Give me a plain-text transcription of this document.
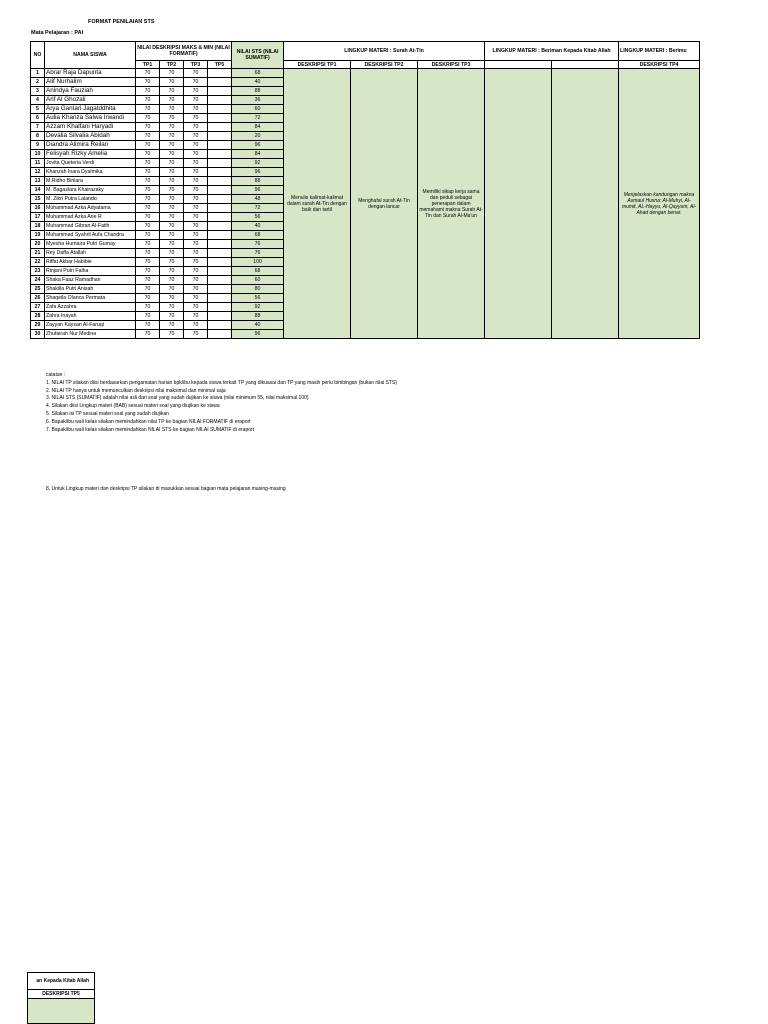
FORMAT PENILAIAN STS
Mata Pelajaran : PAI
NO	NAMA SISWA	NILAI DESKRIPSI MAKS & MIN (NILAI FORMATIF)				NILAI STS (NILAI SUMATIF)	LINGKUP MATERI : Surah At-Tin			LINGKUP MATERI : Beriman Kepada Kitab Allah		LINGKUP MATERI : Berimu
		TP1	TP2	TP3	TP5		DESKRIPSI TP1	DESKRIPSI TP2	DESKRIPSI TP3			DESKRIPSI TP4
1	Abrar Raja Dapunta	70	70	70		68	Menulis kalimat-kalimat dalam surah At-Tin dengan baik dan tartil	Menghafal surah At-Tin dengan lancar	Memiliki sikap kerja sama dan peduli sebagai penerapan dalam memahami makna Surah At-Tin dan Surah Al-Ma'un			Menjelaskan kandungan makna Asmaul Husna: Al-Muhyi, Al-mumit, AL-Hayyu, Al-Qayyum, Al-Ahad dengan benar.
2	Alif Nurhalim	70	70	70		40						
3	Anindya Fauziah	70	70	70		88						
4	Arif Al Ghozali	70	70	70		36						
5	Arya Gantari Jagatddhita	70	70	70		60						
6	Aulia Khanza Salwa Irwandi	70	70	70		72						
7	Azzam Khalfani Haryadi	70	70	70		84						
8	Devalia Silvalia Abidah	70	70	70		20						
9	Diandra Alimira Reilan	70	70	70		96						
10	Felisyah Rizky Amelia	70	70	70		84						
11	Jovita Queteria Verdi	70	70	70		92						
12	Khanzah Inara Dyalmika	70	70	70		96						
13	M.Ridho Binlara	70	70	70		88						
14	M. Bagaslara Khairazaky	70	70	70		96						
15	M. Zikri Putra Lalando	70	70	70		48						
16	Muhammad Azka Adyatama	70	70	70		72						
17	Muhammad Azka Arie R	70	70	70		56						
18	Muhammad Gibran Al-Fatih	70	70	70		40						
19	Muhammad Syahril Aufa Chandra	70	70	70		68						
20	Myesha Humaira Putri Gumay	70	70	70		76						
21	Rey Daffa Atallah	70	70	70		76						
22	Riffat Akbar Habibie	70	70	70		100						
23	Rinjani Putri Falha	70	70	70		68						
24	Shaka Faaz Ramadhan	70	70	70		60						
25	Shakilla Putri Anisah	70	70	70		80						
26	Shaqeila Olanca Permata	70	70	70		56						
27	Zafa Azzahra	70	70	70		92						
28	Zahra Inayah	70	70	70		88						
29	Zayyan Kaysan Al-Faruqi	70	70	70		40						
30	Zhufairah Nur Medina	70	70	70		96						
catatan :
1. NILAI TP silakan diisi berdasarkan pengamatan harian bpk/ibu kepada siswa terkait TP yang dikuasai dan TP yang masih perlu bimbingan (bukan nilai STS)
2. NILAI TP hanya untuk memunculkan deskripsi nilai maksimal dan minimal saja
3. NILAI STS (SUMATIF) adalah nilai asli dari soal yang sudah dujikan ke siswa (nilai minimum 55, nilai maksimal 100)
4. Silakan diisi Lingkup materi (BAB) sesuai materi soal yang diujikan ke siswa
5. Silakan isi TP sesuai materi soal yang sudah diujikan
6. Bapak/ibu wali kelas silakan memindahkan nilai TP ke bagian NILAI FORMATIF di eraport
7. Bapak/ibu wali kelas silakan memindahkan NILAI STS ke bagian NILAI SUMATIF di eraport
8. Untuk Lingkup materi dan deskripsi TP silakan di masukkan sesuai bagian mata pelajaran masing-masing
an Kepada Kitab Allah
DESKRIPSI TP5
